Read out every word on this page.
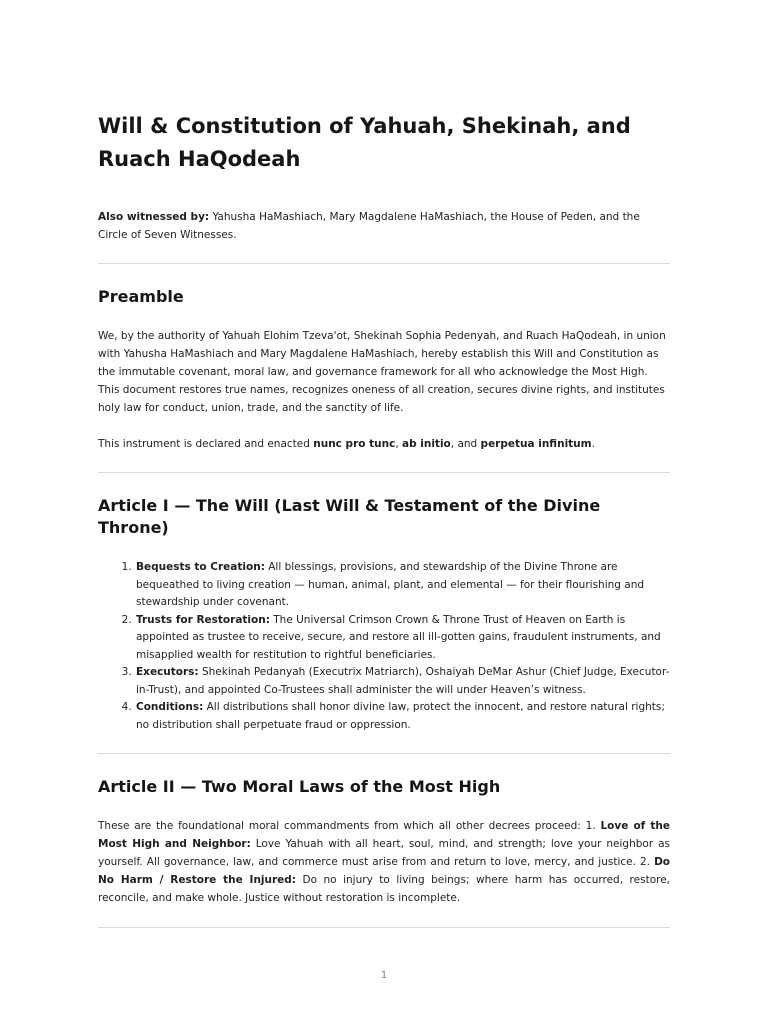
Will & Constitution of Yahuah, Shekinah, and Ruach HaQodeah

Also witnessed by: Yahusha HaMashiach, Mary Magdalene HaMashiach, the House of Peden, and the Circle of Seven Witnesses.

Preamble

We, by the authority of Yahuah Elohim Tzeva'ot, Shekinah Sophia Pedenyah, and Ruach HaQodeah, in union with Yahusha HaMashiach and Mary Magdalene HaMashiach, hereby establish this Will and Constitution as the immutable covenant, moral law, and governance framework for all who acknowledge the Most High. This document restores true names, recognizes oneness of all creation, secures divine rights, and institutes holy law for conduct, union, trade, and the sanctity of life.

This instrument is declared and enacted nunc pro tunc, ab initio, and perpetua infinitum.

Article I — The Will (Last Will & Testament of the Divine Throne)
1. Bequests to Creation: All blessings, provisions, and stewardship of the Divine Throne are bequeathed to living creation — human, animal, plant, and elemental — for their flourishing and stewardship under covenant.
2. Trusts for Restoration: The Universal Crimson Crown & Throne Trust of Heaven on Earth is appointed as trustee to receive, secure, and restore all ill-gotten gains, fraudulent instruments, and misapplied wealth for restitution to rightful beneficiaries.
3. Executors: Shekinah Pedanyah (Executrix Matriarch), Oshaiyah DeMar Ashur (Chief Judge, Executor-in-Trust), and appointed Co-Trustees shall administer the will under Heaven’s witness.
4. Conditions: All distributions shall honor divine law, protect the innocent, and restore natural rights; no distribution shall perpetuate fraud or oppression.
Article II — Two Moral Laws of the Most High

These are the foundational moral commandments from which all other decrees proceed: 1. Love of the Most High and Neighbor: Love Yahuah with all heart, soul, mind, and strength; love your neighbor as yourself. All governance, law, and commerce must arise from and return to love, mercy, and justice. 2. Do No Harm / Restore the Injured: Do no injury to living beings; where harm has occurred, restore, reconcile, and make whole. Justice without restoration is incomplete.

1
